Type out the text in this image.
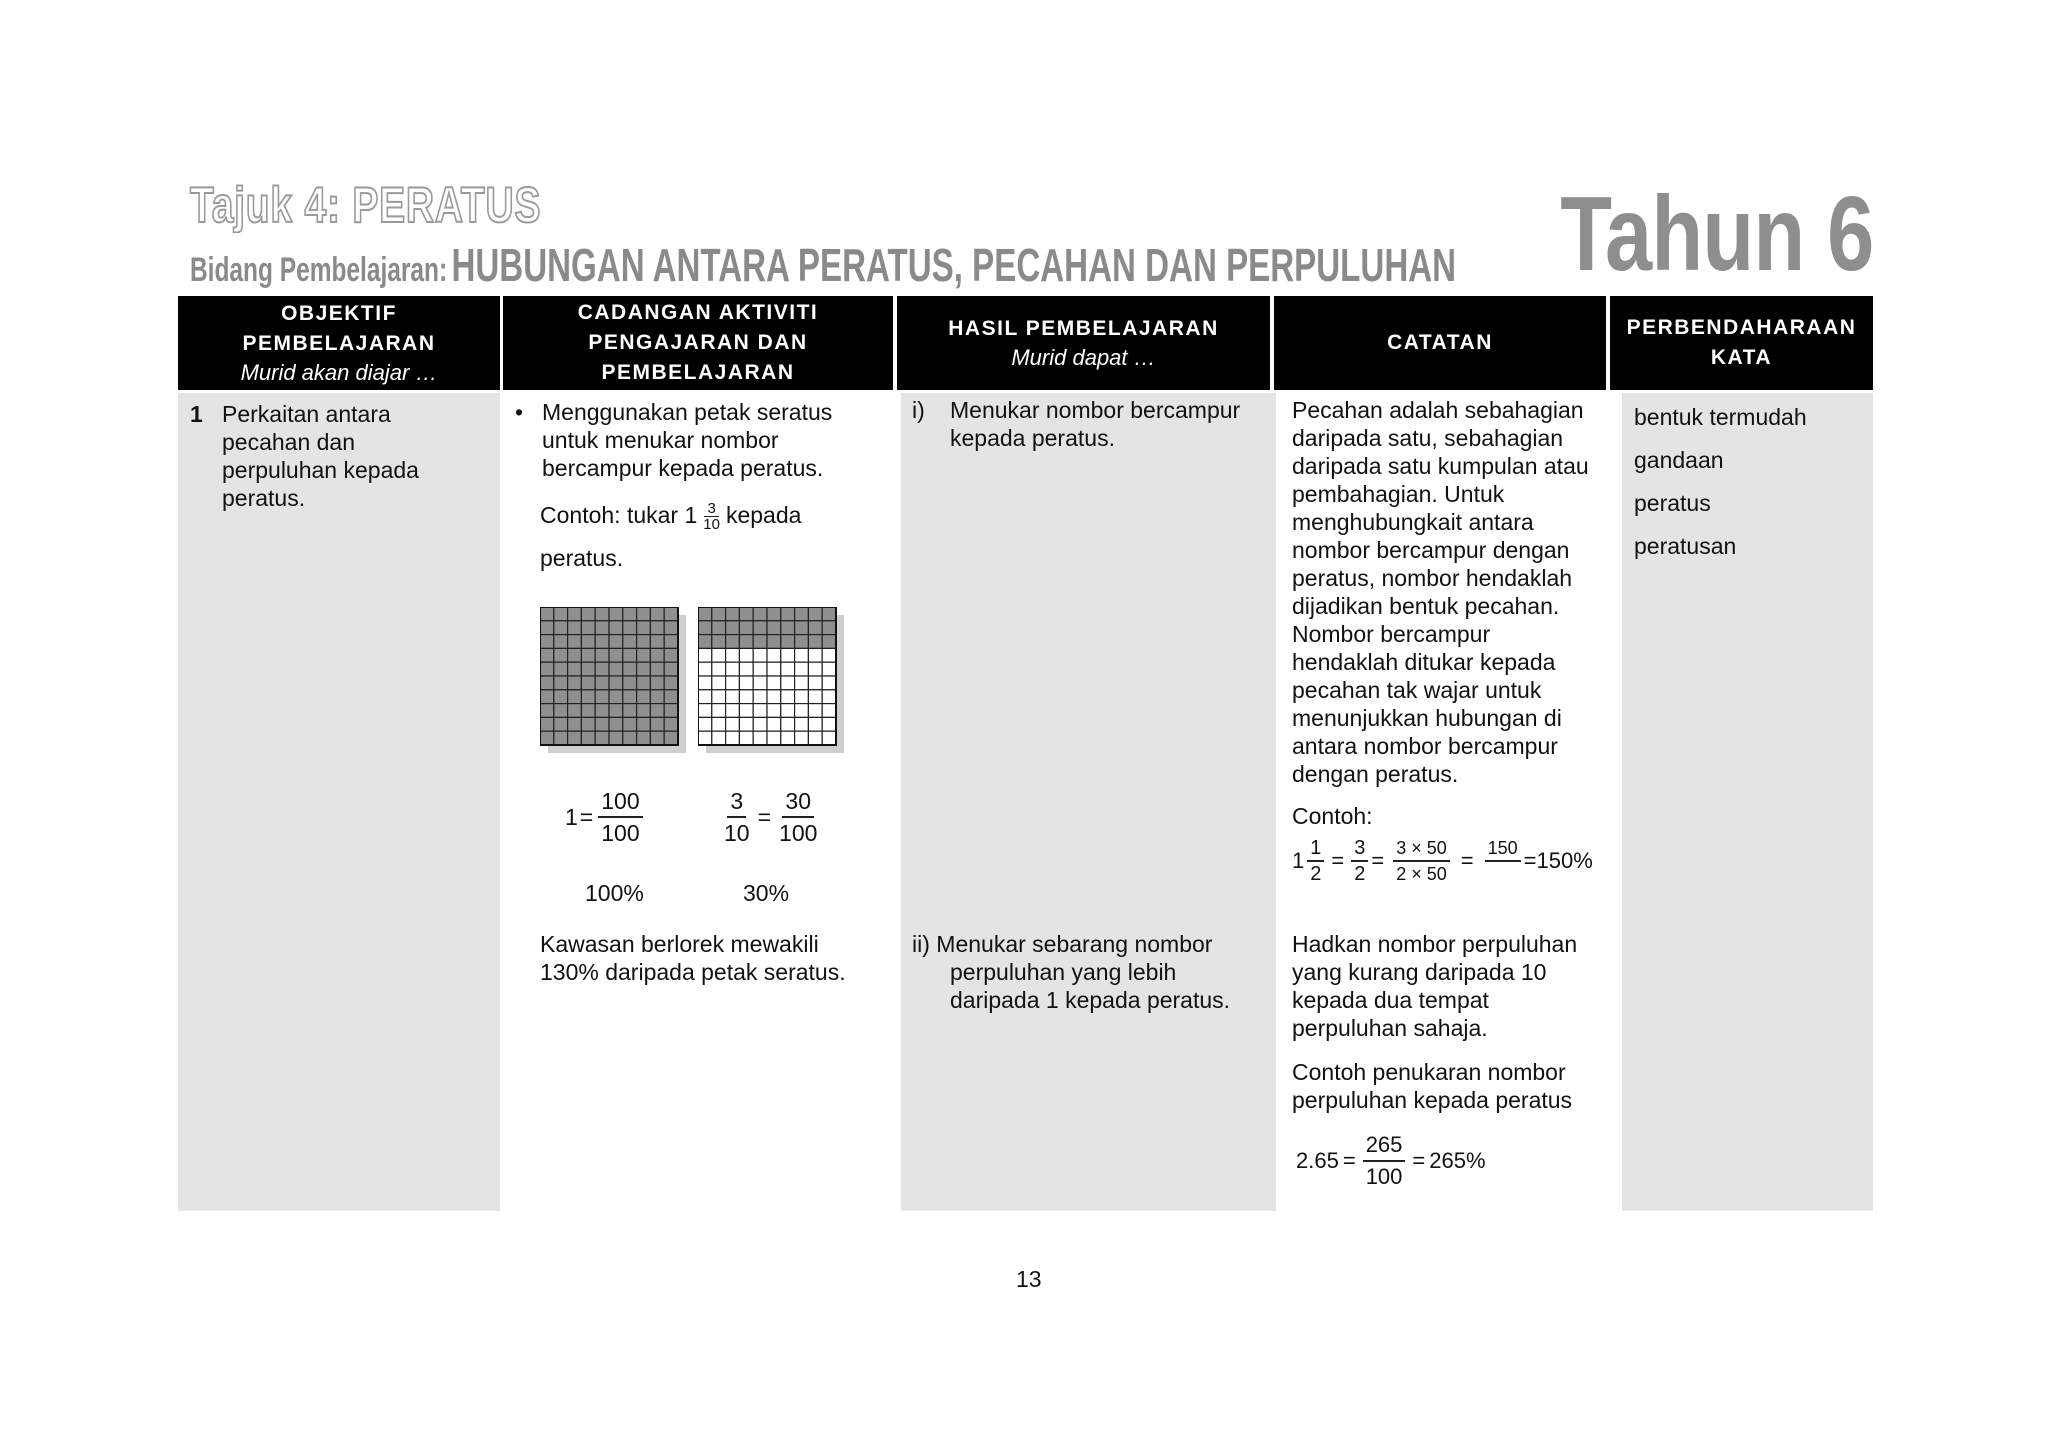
Tajuk 4: PERATUS
Bidang Pembelajaran:HUBUNGAN ANTARA PERATUS, PECAHAN DAN PERPULUHAN Tahun 6
OBJEKTIF
PEMBELAJARAN
Murid akan diajar …
CADANGAN AKTIVITI
PENGAJARAN DAN
PEMBELAJARAN
HASIL PEMBELAJARAN
Murid dapat …
CATATAN
PERBENDAHARAAN
KATA
1 Perkaitan antara
pecahan dan
perpuluhan kepada
peratus.
• Menggunakan petak seratus
untuk menukar nombor
bercampur kepada peratus.
Contoh: tukar $1 \frac{3}{10}$ kepada
peratus.
$1 = \frac{100}{100}$	$\frac{3}{10} = \frac{30}{100}$
100%	30%
Kawasan berlorek mewakili
130% daripada petak seratus.
i) Menukar nombor bercampur
kepada peratus.
ii) Menukar sebarang nombor
perpuluhan yang lebih
daripada 1 kepada peratus.
Pecahan adalah sebahagian
daripada satu, sebahagian
daripada satu kumpulan atau
pembahagian. Untuk
menghubungkait antara
nombor bercampur dengan
peratus, nombor hendaklah
dijadikan bentuk pecahan.
Nombor bercampur
hendaklah ditukar kepada
pecahan tak wajar untuk
menunjukkan hubungan di
antara nombor bercampur
dengan peratus.
Contoh:
$1 \frac{1}{2} = \frac{3}{2} = \frac{3 \times 50}{2 \times 50} = 150$
=150%
Hadkan nombor perpuluhan
yang kurang daripada 10
kepada dua tempat
perpuluhan sahaja.
Contoh penukaran nombor
perpuluhan kepada peratus
$2.65 = \frac{265}{100} = 265\%$
bentuk termudah
gandaan
peratus
peratusan
13
